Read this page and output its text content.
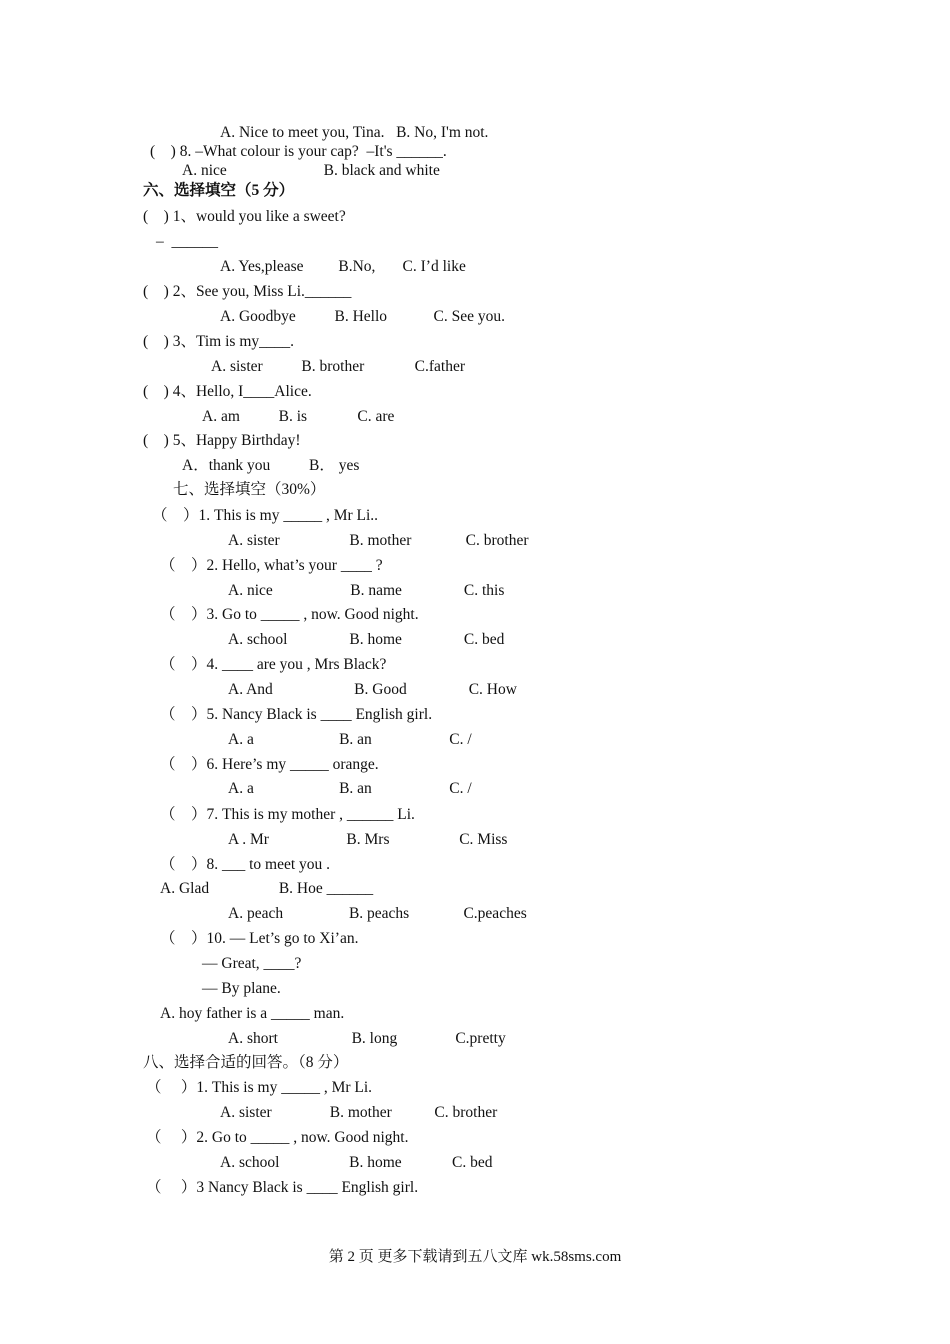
A. Nice to meet you, Tina.   B. No, I'm not.
(    ) 8. –What colour is your cap?  –It's ______.
A. nice                         B. black and white
六、选择填空（5 分）
(    ) 1、would you like a sweet?
–  ______
A. Yes,please         B.No,       C. I’d like
(    ) 2、See you, Miss Li.______
A. Goodbye          B. Hello            C. See you.
(    ) 3、Tim is my____.
A. sister          B. brother             C.father
(    ) 4、Hello, I____Alice.
A. am          B. is             C. are
(    ) 5、Happy Birthday!
A．thank you          B． yes
七、选择填空（30%）
（    ）1. This is my _____ , Mr Li..
A. sister                  B. mother              C. brother
（    ）2. Hello, what’s your ____ ?
A. nice                    B. name                C. this
（    ）3. Go to _____ , now. Good night.
A. school                B. home                C. bed
（    ）4. ____ are you , Mrs Black?
A. And                     B. Good                C. How
（    ）5. Nancy Black is ____ English girl.
A. a                      B. an                    C. /
（    ）6. Here’s my _____ orange.
A. a                      B. an                    C. /
（    ）7. This is my mother , ______ Li.
A . Mr                    B. Mrs                  C. Miss
（    ）8. ___ to meet you .
A. Glad                  B. Hoe ______
A. peach                 B. peachs              C.peaches
（    ）10. — Let’s go to Xi’an.
— Great, ____?
— By plane.
A. hoy father is a _____ man.
A. short                   B. long               C.pretty
八、选择合适的回答。（8 分）
（     ）1. This is my _____ , Mr Li.
A. sister               B. mother           C. brother
（     ）2. Go to _____ , now. Good night.
A. school                  B. home             C. bed
（     ）3 Nancy Black is ____ English girl.
第 2 页 更多下载请到五八文库 wk.58sms.com
